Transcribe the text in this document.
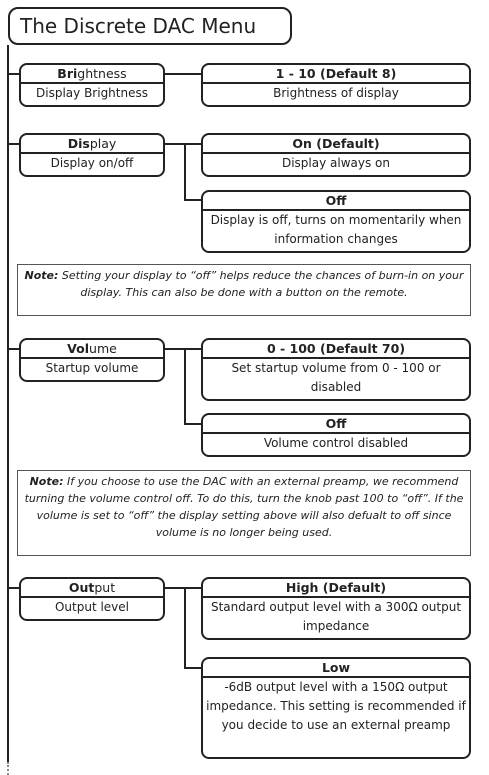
The Discrete DAC Menu
Brightness
Display Brightness
1 - 10 (Default 8)
Brightness of display
Display
Display on/off
On (Default)
Display always on
Off
Display is off, turns on momentarily when information changes
Note: Setting your display to “off” helps reduce the chances of burn-in on your display. This can also be done with a button on the remote.
Volume
Startup volume
0 - 100 (Default 70)
Set startup volume from 0 - 100 or disabled
Off
Volume control disabled
Note: If you choose to use the DAC with an external preamp, we recommend turning the volume control off. To do this, turn the knob past 100 to “off”. If the volume is set to “off” the display setting above will also defualt to off since volume is no longer being used.
Output
Output level
High (Default)
Standard output level with a 300Ω output impedance
Low
-6dB output level with a 150Ω output impedance. This setting is recommended if you decide to use an external preamp
